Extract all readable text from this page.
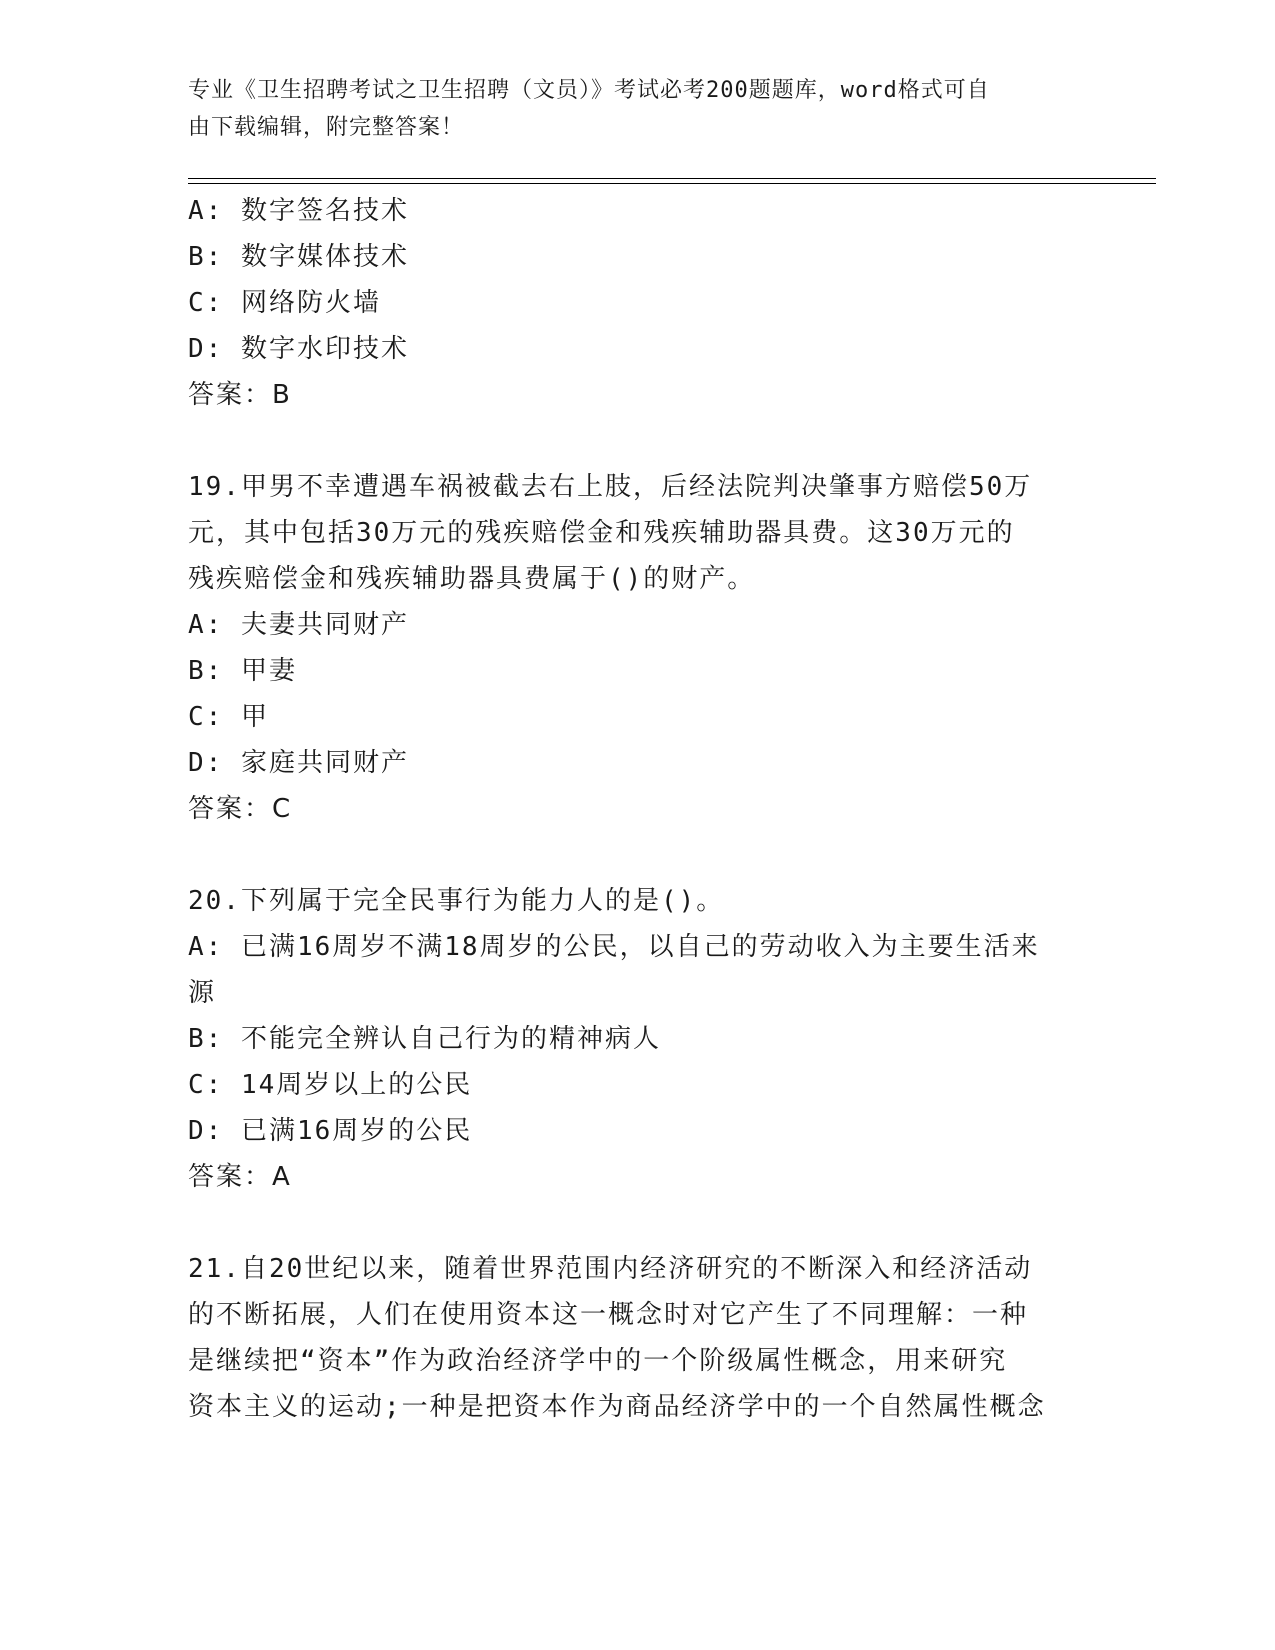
专业《卫生招聘考试之卫生招聘（文员）》考试必考200题题库，word格式可自
由下载编辑，附完整答案！
A: 数字签名技术
B: 数字媒体技术
C: 网络防火墙
D: 数字水印技术
答案：B
19.甲男不幸遭遇车祸被截去右上肢，后经法院判决肇事方赔偿50万
元，其中包括30万元的残疾赔偿金和残疾辅助器具费。这30万元的
残疾赔偿金和残疾辅助器具费属于()的财产。
A: 夫妻共同财产
B: 甲妻
C: 甲
D: 家庭共同财产
答案：C
20.下列属于完全民事行为能力人的是()。
A: 已满16周岁不满18周岁的公民，以自己的劳动收入为主要生活来
源
B: 不能完全辨认自己行为的精神病人
C: 14周岁以上的公民
D: 已满16周岁的公民
答案：A
21.自20世纪以来，随着世界范围内经济研究的不断深入和经济活动
的不断拓展，人们在使用资本这一概念时对它产生了不同理解：一种
是继续把“资本”作为政治经济学中的一个阶级属性概念，用来研究
资本主义的运动;一种是把资本作为商品经济学中的一个自然属性概念
